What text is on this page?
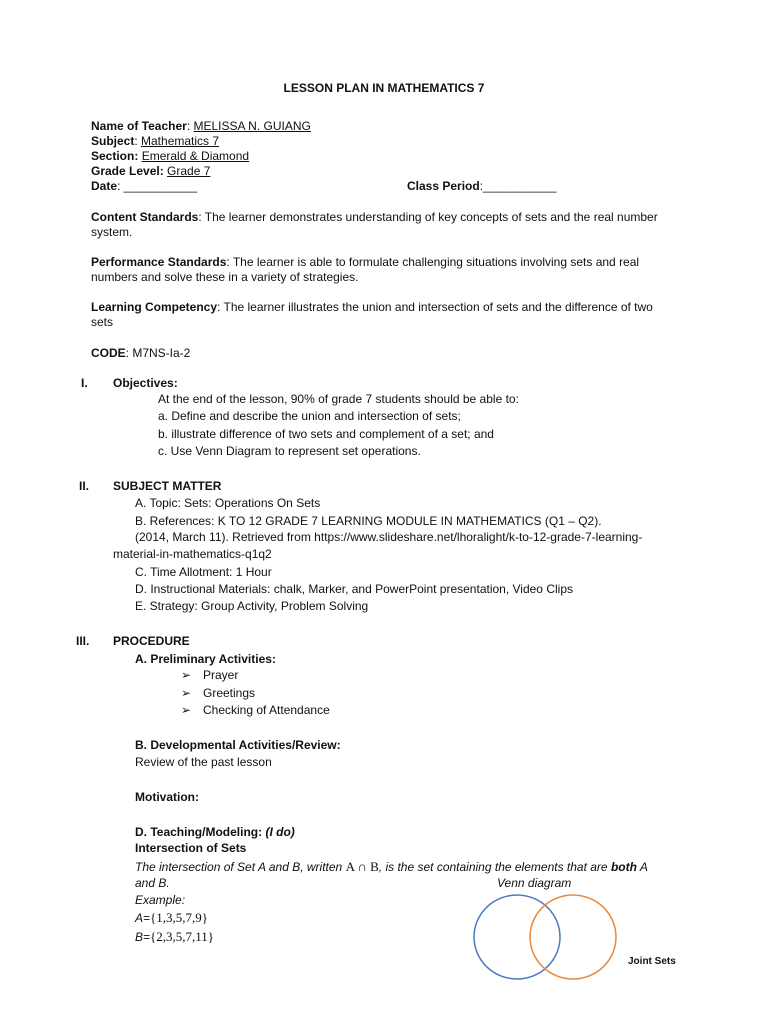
LESSON PLAN IN MATHEMATICS 7
Name of Teacher: MELISSA N. GUIANG
Subject: Mathematics 7
Section: Emerald & Diamond
Grade Level: Grade 7
Date: ___________	Class Period:___________
Content Standards: The learner demonstrates understanding of key concepts of sets and the real number system.
Performance Standards: The learner is able to formulate challenging situations involving sets and real numbers and solve these in a variety of strategies.
Learning Competency: The learner illustrates the union and intersection of sets and the difference of two sets
CODE: M7NS-Ia-2
I. Objectives:
At the end of the lesson, 90% of grade 7 students should be able to:
a. Define and describe the union and intersection of sets;
b. illustrate difference of two sets and complement of a set; and
c. Use Venn Diagram to represent set operations.
II. SUBJECT MATTER
A. Topic: Sets: Operations On Sets
B. References: K TO 12 GRADE 7 LEARNING MODULE IN MATHEMATICS (Q1 – Q2).
(2014, March 11). Retrieved from https://www.slideshare.net/lhoralight/k-to-12-grade-7-learning-
material-in-mathematics-q1q2
C. Time Allotment: 1 Hour
D. Instructional Materials: chalk, Marker, and PowerPoint presentation, Video Clips
E. Strategy: Group Activity, Problem Solving
III. PROCEDURE
A. Preliminary Activities:
➢ Prayer
➢ Greetings
➢ Checking of Attendance
B. Developmental Activities/Review:
Review of the past lesson
Motivation:
D. Teaching/Modeling: (I do)
Intersection of Sets
The intersection of Set A and B, written A ∩ B, is the set containing the elements that are both A
and B.
Example:
A={1,3,5,7,9}
B={2,3,5,7,11}
Venn diagram
Joint Sets
